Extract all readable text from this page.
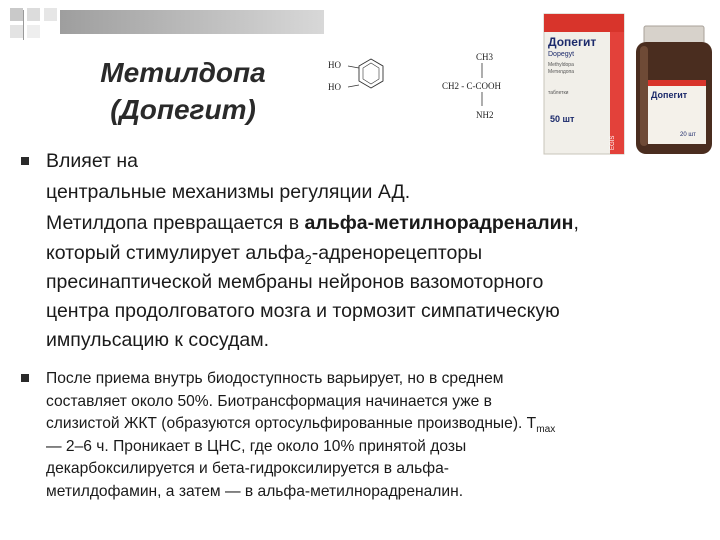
Метилдопа
(Допегит)
HO
HO
CH3
CH2 - C-COOH
NH2
Допегит
Dopegyt
Methyldopa
Метилдопа
таблетки
50 шт
EGIS
Допегит
20 шт

Влияет на
центральные механизмы регуляции АД.
Метилдопа превращается в альфа-метилнорадреналин,
который стимулирует альфа$_2$-адренорецепторы
пресинаптической мембраны нейронов вазомоторного
центра продолговатого мозга и тормозит симпатическую
импульсацию к сосудам.

После приема внутрь биодоступность варьирует, но в среднем
составляет около 50%. Биотрансформация начинается уже в
слизистой ЖКТ (образуются ортосульфированные производные). $T_{max}$
— 2–6 ч. Проникает в ЦНС, где около 10% принятой дозы
декарбоксилируется и бета-гидроксилируется в альфа-
метилдофамин, а затем — в альфа-метилнорадреналин.
